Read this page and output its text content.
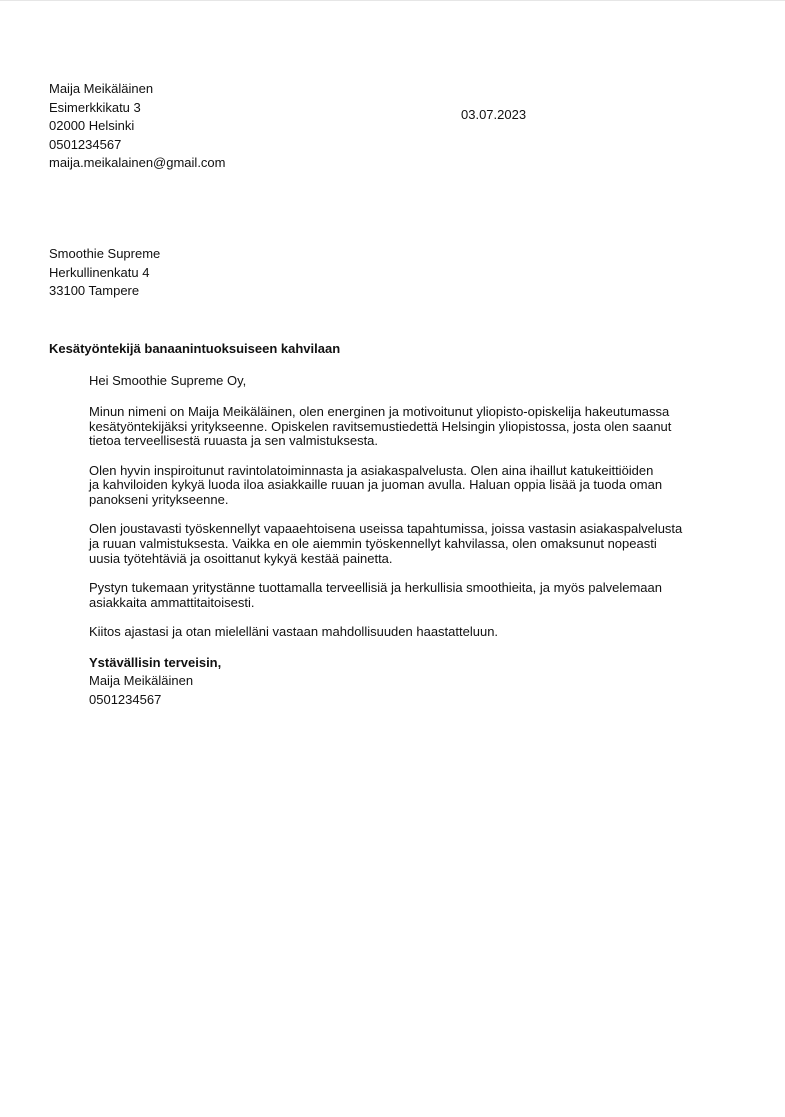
Maija Meikäläinen
Esimerkkikatu 3
02000 Helsinki
0501234567
maija.meikalainen@gmail.com
03.07.2023
Smoothie Supreme
Herkullinenkatu 4
33100 Tampere
Kesätyöntekijä banaanintuoksuiseen kahvilaan
Hei Smoothie Supreme Oy,
Minun nimeni on Maija Meikäläinen, olen energinen ja motivoitunut yliopisto-opiskelija hakeutumassa
kesätyöntekijäksi yritykseenne. Opiskelen ravitsemustiedettä Helsingin yliopistossa, josta olen saanut
tietoa terveellisestä ruuasta ja sen valmistuksesta.
Olen hyvin inspiroitunut ravintolatoiminnasta ja asiakaspalvelusta. Olen aina ihaillut katukeittiöiden
ja kahviloiden kykyä luoda iloa asiakkaille ruuan ja juoman avulla. Haluan oppia lisää ja tuoda oman
panokseni yritykseenne.
Olen joustavasti työskennellyt vapaaehtoisena useissa tapahtumissa, joissa vastasin asiakaspalvelusta
ja ruuan valmistuksesta. Vaikka en ole aiemmin työskennellyt kahvilassa, olen omaksunut nopeasti
uusia työtehtäviä ja osoittanut kykyä kestää painetta.
Pystyn tukemaan yritystänne tuottamalla terveellisiä ja herkullisia smoothieita, ja myös palvelemaan
asiakkaita ammattitaitoisesti.
Kiitos ajastasi ja otan mielelläni vastaan mahdollisuuden haastatteluun.
Ystävällisin terveisin,
Maija Meikäläinen
0501234567
